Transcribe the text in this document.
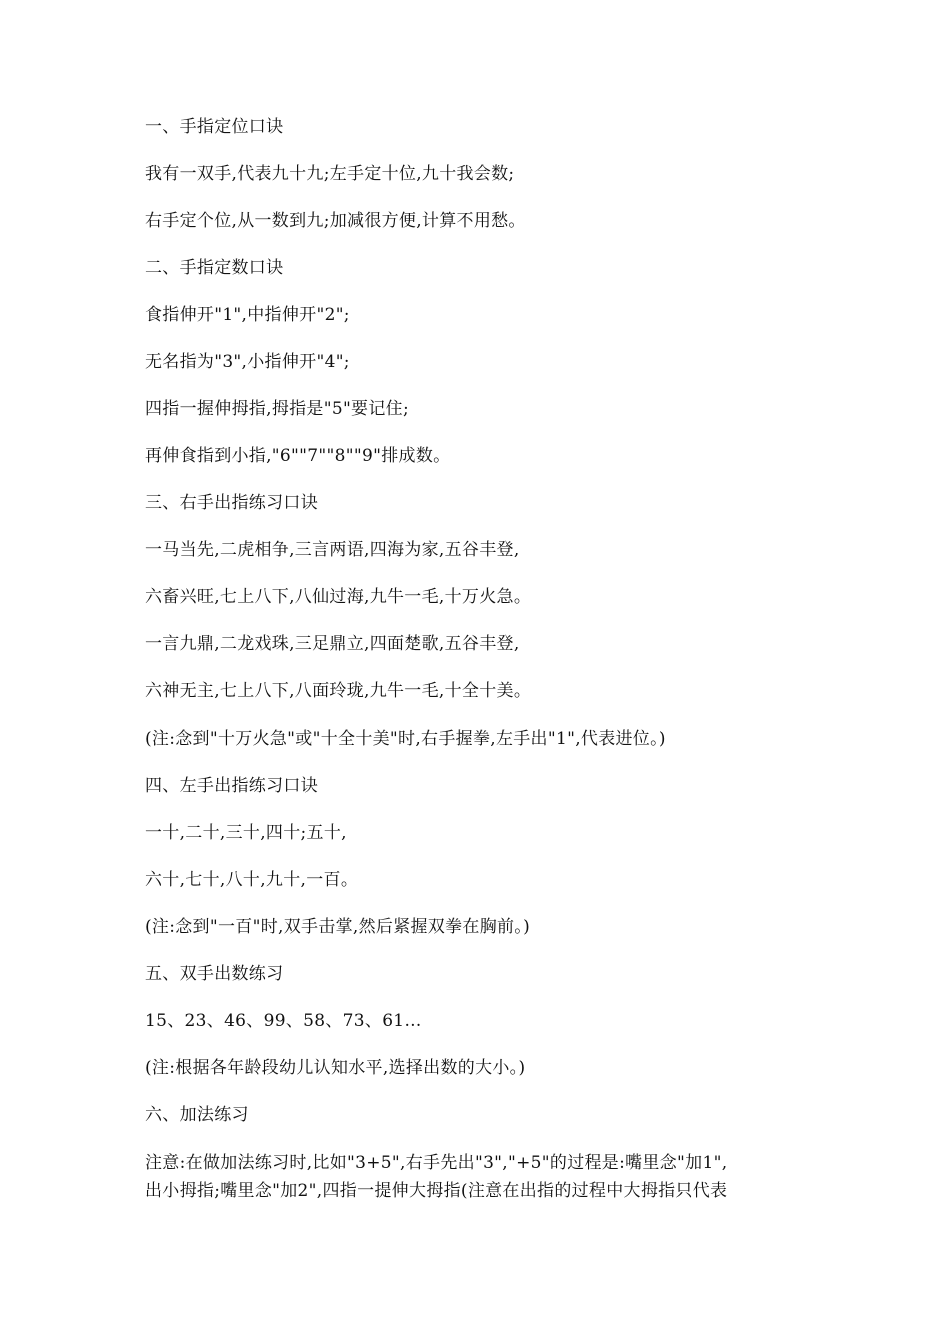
一、手指定位口诀
我有一双手,代表九十九;左手定十位,九十我会数;
右手定个位,从一数到九;加减很方便,计算不用愁。
二、手指定数口诀
食指伸开"1",中指伸开"2";
无名指为"3",小指伸开"4";
四指一握伸拇指,拇指是"5"要记住;
再伸食指到小指,"6""7""8""9"排成数。
三、右手出指练习口诀
一马当先,二虎相争,三言两语,四海为家,五谷丰登,
六畜兴旺,七上八下,八仙过海,九牛一毛,十万火急。
一言九鼎,二龙戏珠,三足鼎立,四面楚歌,五谷丰登,
六神无主,七上八下,八面玲珑,九牛一毛,十全十美。
(注:念到"十万火急"或"十全十美"时,右手握拳,左手出"1",代表进位。)
四、左手出指练习口诀
一十,二十,三十,四十;五十,
六十,七十,八十,九十,一百。
(注:念到"一百"时,双手击掌,然后紧握双拳在胸前。)
五、双手出数练习
15、23、46、99、58、73、61…
(注:根据各年龄段幼儿认知水平,选择出数的大小。)
六、加法练习
注意:在做加法练习时,比如"3+5",右手先出"3","+5"的过程是:嘴里念"加1",
出小拇指;嘴里念"加2",四指一提伸大拇指(注意在出指的过程中大拇指只代表
